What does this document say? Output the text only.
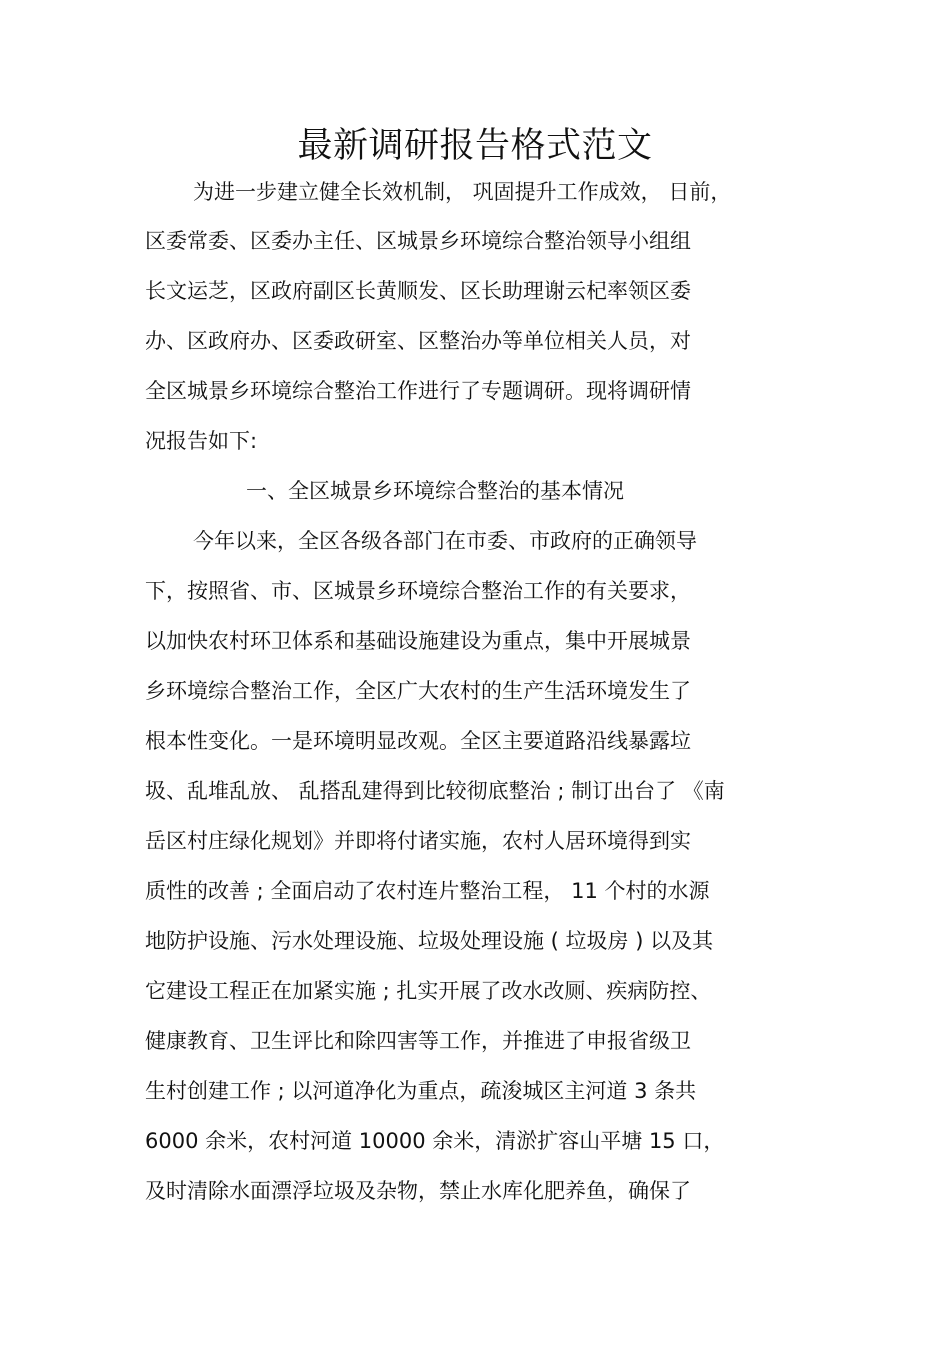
最新调研报告格式范文
为进一步建立健全长效机制， 巩固提升工作成效， 日前，
区委常委、区委办主任、区城景乡环境综合整治领导小组组
长文运芝，区政府副区长黄顺发、区长助理谢云杞率领区委
办、区政府办、区委政研室、区整治办等单位相关人员，对
全区城景乡环境综合整治工作进行了专题调研。现将调研情
况报告如下:
一、全区城景乡环境综合整治的基本情况
今年以来，全区各级各部门在市委、市政府的正确领导
下，按照省、市、区城景乡环境综合整治工作的有关要求，
以加快农村环卫体系和基础设施建设为重点，集中开展城景
乡环境综合整治工作，全区广大农村的生产生活环境发生了
根本性变化。一是环境明显改观。全区主要道路沿线暴露垃
圾、乱堆乱放、 乱搭乱建得到比较彻底整治 ; 制订出台了 《南
岳区村庄绿化规划》并即将付诸实施，农村人居环境得到实
质性的改善 ; 全面启动了农村连片整治工程， 11 个村的水源
地防护设施、污水处理设施、垃圾处理设施 ( 垃圾房 ) 以及其
它建设工程正在加紧实施 ; 扎实开展了改水改厕、疾病防控、
健康教育、卫生评比和除四害等工作，并推进了申报省级卫
生村创建工作 ; 以河道净化为重点，疏浚城区主河道 3 条共
6000 余米，农村河道 10000 余米，清淤扩容山平塘 15 口，
及时清除水面漂浮垃圾及杂物，禁止水库化肥养鱼，确保了
